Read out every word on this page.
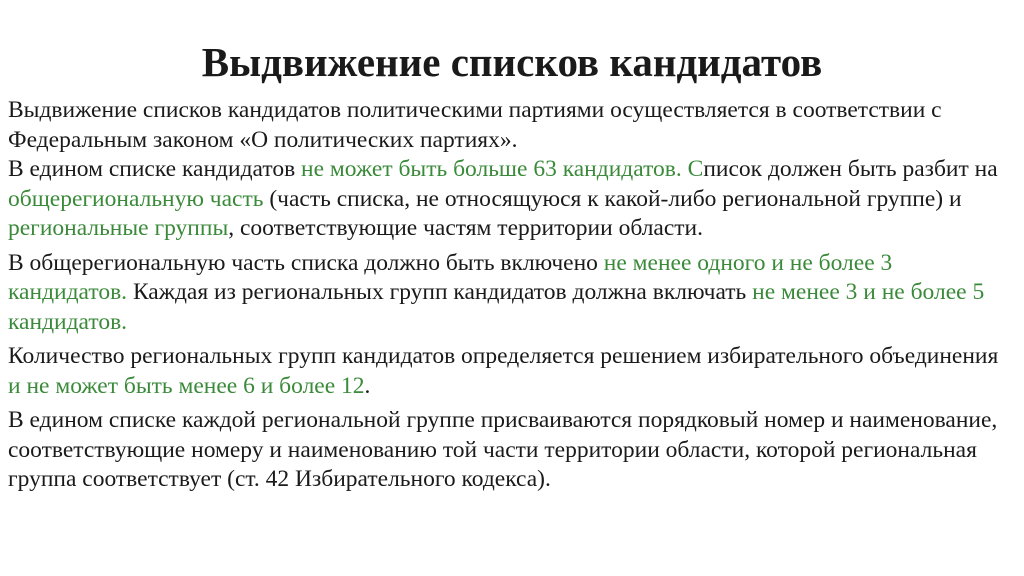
Выдвижение списков кандидатов

Выдвижение списков кандидатов политическими партиями осуществляется в соответствии с Федеральным законом «О политических партиях».

В едином списке кандидатов не может быть больше 63 кандидатов. Список должен быть разбит на общерегиональную часть (часть списка, не относящуюся к какой-либо региональной группе) и региональные группы, соответствующие частям территории области.

В общерегиональную часть списка должно быть включено не менее одного и не более 3 кандидатов. Каждая из региональных групп кандидатов должна включать не менее 3 и не более 5 кандидатов.

Количество региональных групп кандидатов определяется решением избирательного объединения и не может быть менее 6 и более 12.

В едином списке каждой региональной группе присваиваются порядковый номер и наименование, соответствующие номеру и наименованию той части территории области, которой региональная группа соответствует (ст. 42 Избирательного кодекса).
